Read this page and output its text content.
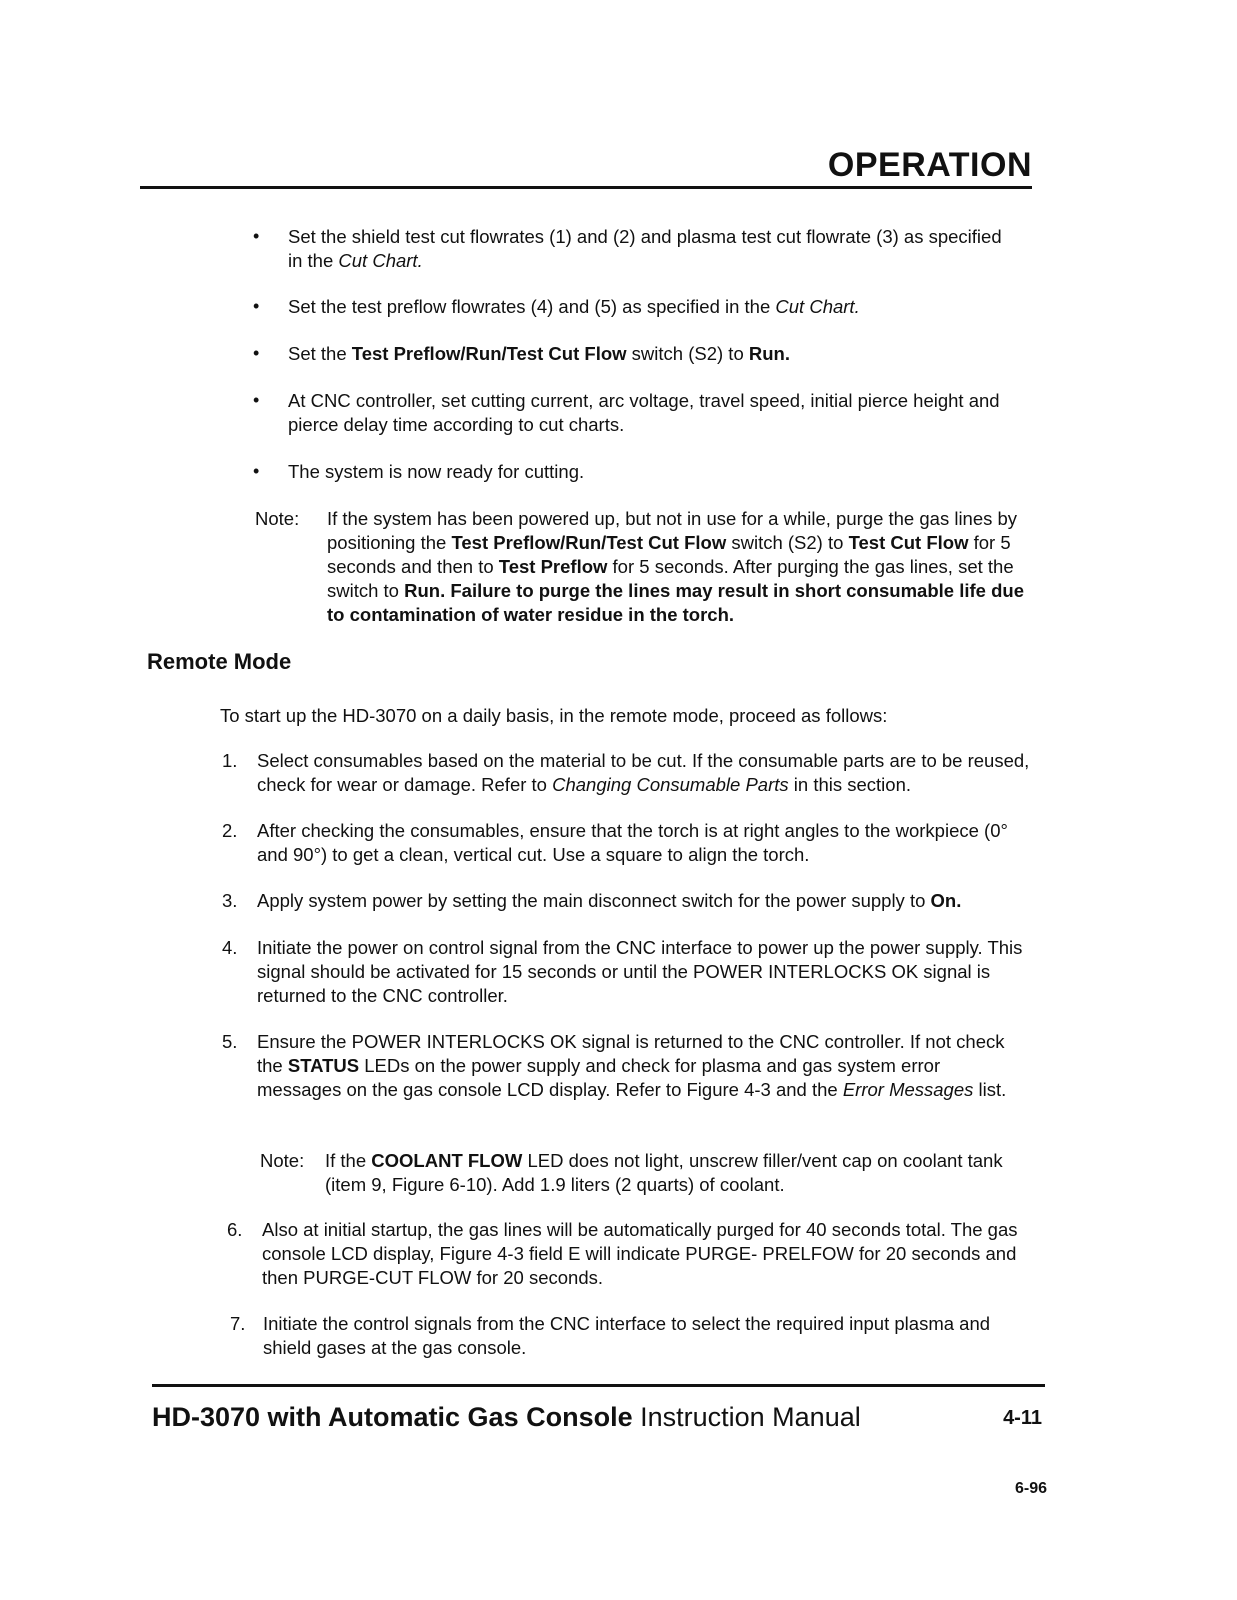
OPERATION
• Set the shield test cut flowrates (1) and (2) and plasma test cut flowrate (3) as specified in the Cut Chart.
• Set the test preflow flowrates (4) and (5) as specified in the Cut Chart.
• Set the Test Preflow/Run/Test Cut Flow switch (S2) to Run.
• At CNC controller, set cutting current, arc voltage, travel speed, initial pierce height and pierce delay time according to cut charts.
• The system is now ready for cutting.
Note: If the system has been powered up, but not in use for a while, purge the gas lines by positioning the Test Preflow/Run/Test Cut Flow switch (S2) to Test Cut Flow for 5 seconds and then to Test Preflow for 5 seconds. After purging the gas lines, set the switch to Run. Failure to purge the lines may result in short consumable life due to contamination of water residue in the torch.
Remote Mode
To start up the HD-3070 on a daily basis, in the remote mode, proceed as follows:
1. Select consumables based on the material to be cut. If the consumable parts are to be reused, check for wear or damage. Refer to Changing Consumable Parts in this section.
2. After checking the consumables, ensure that the torch is at right angles to the workpiece (0° and 90°) to get a clean, vertical cut. Use a square to align the torch.
3. Apply system power by setting the main disconnect switch for the power supply to On.
4. Initiate the power on control signal from the CNC interface to power up the power supply. This signal should be activated for 15 seconds or until the POWER INTERLOCKS OK signal is returned to the CNC controller.
5. Ensure the POWER INTERLOCKS OK signal is returned to the CNC controller. If not check the STATUS LEDs on the power supply and check for plasma and gas system error messages on the gas console LCD display. Refer to Figure 4-3 and the Error Messages list.
Note: If the COOLANT FLOW LED does not light, unscrew filler/vent cap on coolant tank (item 9, Figure 6-10). Add 1.9 liters (2 quarts) of coolant.
6. Also at initial startup, the gas lines will be automatically purged for 40 seconds total. The gas console LCD display, Figure 4-3 field E will indicate PURGE- PRELFOW for 20 seconds and then PURGE-CUT FLOW for 20 seconds.
7. Initiate the control signals from the CNC interface to select the required input plasma and shield gases at the gas console.
HD-3070 with Automatic Gas Console Instruction Manual	4-11
6-96
